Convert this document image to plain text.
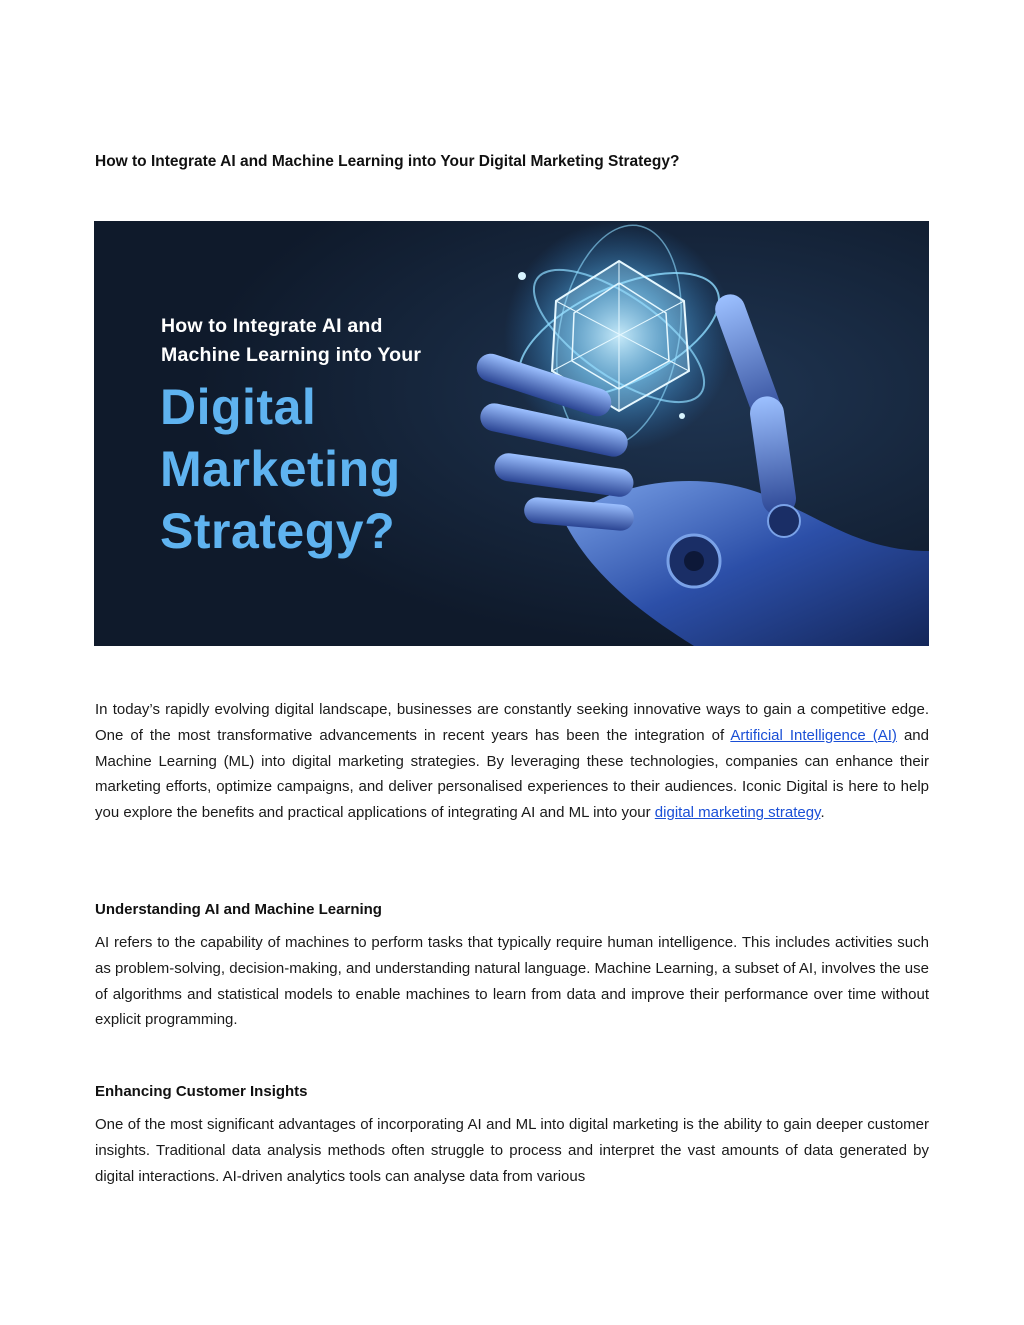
How to Integrate AI and Machine Learning into Your Digital Marketing Strategy?
How to Integrate AI and
Machine Learning into Your
Digital
Marketing
Strategy?

In today’s rapidly evolving digital landscape, businesses are constantly seeking innovative ways to gain a competitive edge. One of the most transformative advancements in recent years has been the integration of Artificial Intelligence (AI) and Machine Learning (ML) into digital marketing strategies. By leveraging these technologies, companies can enhance their marketing efforts, optimize campaigns, and deliver personalised experiences to their audiences. Iconic Digital is here to help you explore the benefits and practical applications of integrating AI and ML into your digital marketing strategy.

Understanding AI and Machine Learning

AI refers to the capability of machines to perform tasks that typically require human intelligence. This includes activities such as problem-solving, decision-making, and understanding natural language. Machine Learning, a subset of AI, involves the use of algorithms and statistical models to enable machines to learn from data and improve their performance over time without explicit programming.

Enhancing Customer Insights

One of the most significant advantages of incorporating AI and ML into digital marketing is the ability to gain deeper customer insights. Traditional data analysis methods often struggle to process and interpret the vast amounts of data generated by digital interactions. AI-driven analytics tools can analyse data from various
